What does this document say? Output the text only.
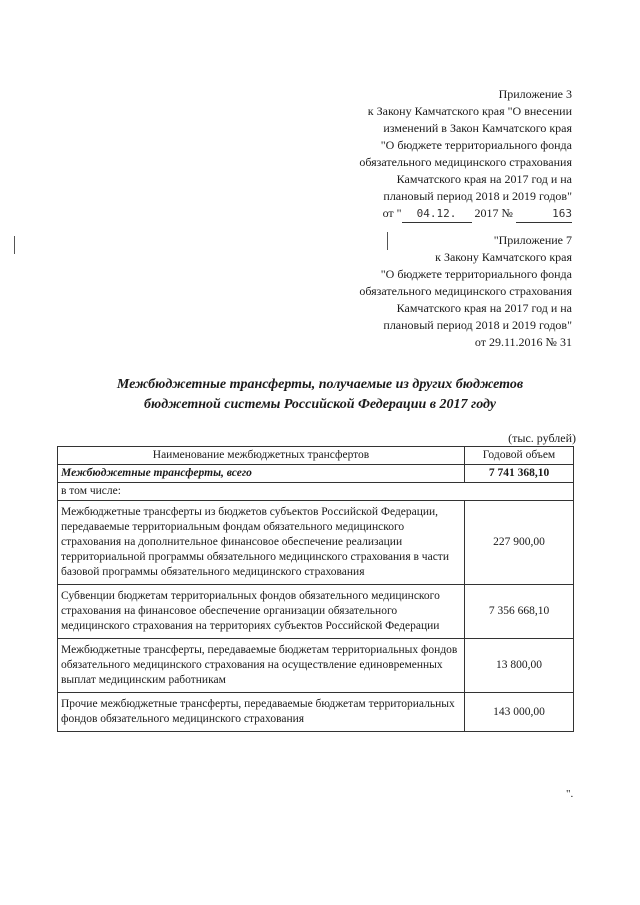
Приложение 3
к Закону Камчатского края "О внесении
изменений в Закон Камчатского края
"О бюджете территориального фонда
обязательного медицинского страхования
Камчатского края на 2017 год и на
плановый период 2018 и 2019 годов"
от " 04.12. 2017 №	163
"Приложение 7
к Закону Камчатского края
"О бюджете территориального фонда
обязательного медицинского страхования
Камчатского края на 2017 год и на
плановый период 2018 и 2019 годов"
от 29.11.2016 № 31
Межбюджетные трансферты, получаемые из других бюджетов
бюджетной системы Российской Федерации в 2017 году
(тыс. рублей)
Наименование межбюджетных трансфертов	Годовой объем
Межбюджетные трансферты, всего	7 741 368,10
в том числе:	
Межбюджетные трансферты из бюджетов субъектов Российской Федерации, передаваемые территориальным фондам обязательного медицинского страхования на дополнительное финансовое обеспечение реализации территориальной программы обязательного медицинского страхования в части базовой программы обязательного медицинского страхования	227 900,00
Субвенции бюджетам территориальных фондов обязательного медицинского страхования на финансовое обеспечение организации обязательного медицинского страхования на территориях субъектов Российской Федерации	7 356 668,10
Межбюджетные трансферты, передаваемые бюджетам территориальных фондов обязательного медицинского страхования на осуществление единовременных выплат медицинским работникам	13 800,00
Прочие межбюджетные трансферты, передаваемые бюджетам территориальных фондов обязательного медицинского страхования	143 000,00
".
